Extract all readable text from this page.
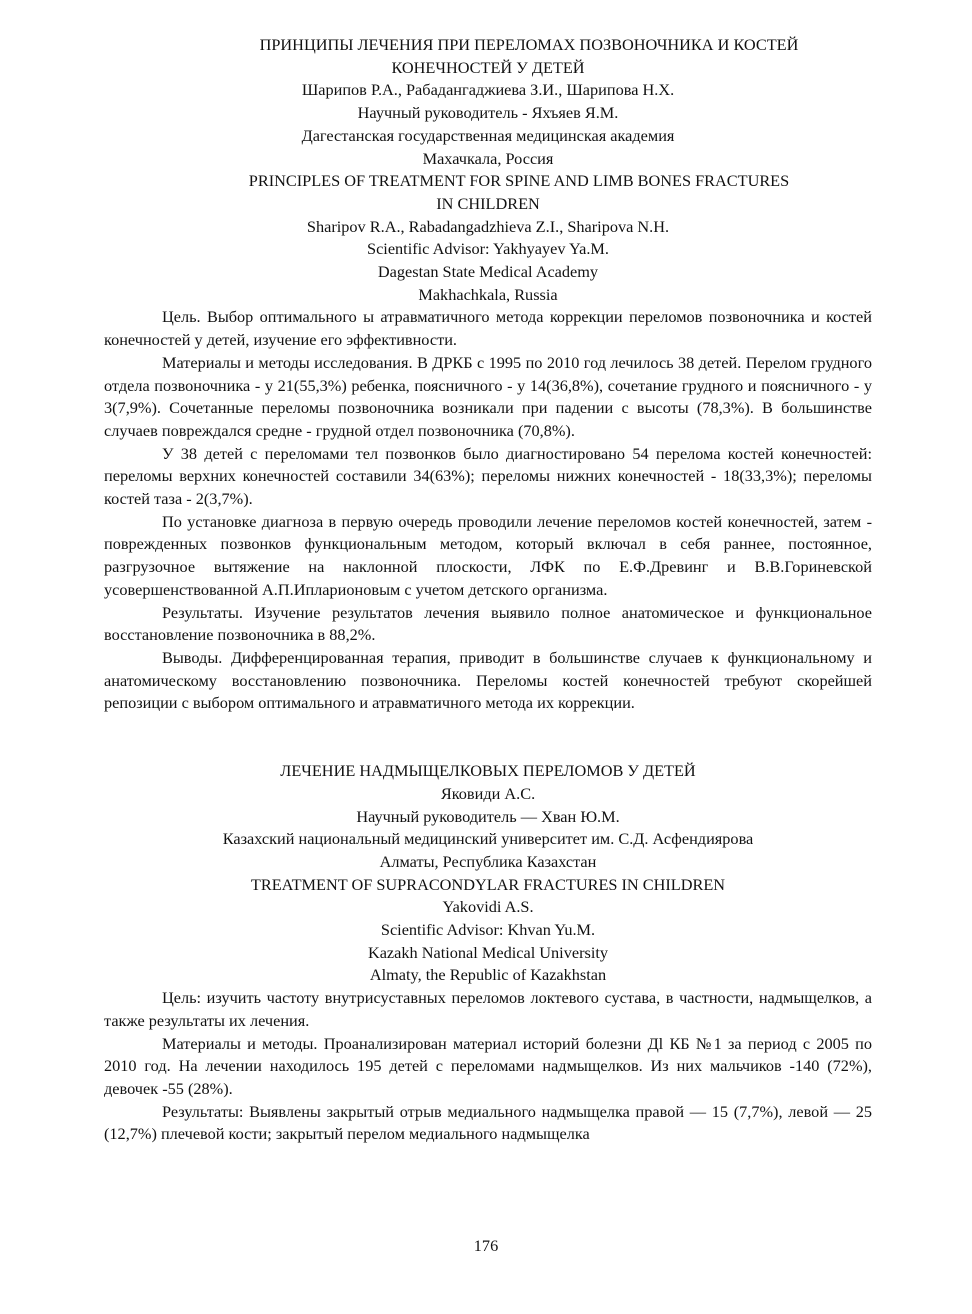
ПРИНЦИПЫ ЛЕЧЕНИЯ ПРИ ПЕРЕЛОМАХ ПОЗВОНОЧНИКА И КОСТЕЙ
КОНЕЧНОСТЕЙ У ДЕТЕЙ
Шарипов Р.А., Рабадангаджиева З.И., Шарипова Н.Х.
Научный руководитель - Яхъяев Я.М.
Дагестанская государственная медицинская академия
Махачкала, Россия
PRINCIPLES OF TREATMENT FOR SPINE AND LIMB BONES FRACTURES
IN CHILDREN
Sharipov R.A., Rabadangadzhieva Z.I., Sharipova N.H.
Scientific Advisor: Yakhyayev Ya.M.
Dagestan State Medical Academy
Makhachkala, Russia

Цель. Выбор оптимального ы атравматичного метода коррекции переломов позвоночника и костей конечностей у детей, изучение его эффективности.

Материалы и методы исследования. В ДРКБ с 1995 по 2010 год лечилось 38 детей. Перелом грудного отдела позвоночника - у 21(55,3%) ребенка, поясничного - у 14(36,8%), сочетание грудного и поясничного - у 3(7,9%). Сочетанные переломы позвоночника возникали при падении с высоты (78,3%). В большинстве случаев повреждался средне - грудной отдел позвоночника (70,8%).

У 38 детей с переломами тел позвонков было диагностировано 54 перелома костей конечностей: переломы верхних конечностей составили 34(63%); переломы нижних конечностей - 18(33,3%); переломы костей таза - 2(3,7%).

По установке диагноза в первую очередь проводили лечение переломов костей конечностей, затем - поврежденных позвонков функциональным методом, который включал в себя раннее, постоянное, разгрузочное вытяжение на наклонной плоскости, ЛФК по Е.Ф.Древинг и В.В.Гориневской усовершенствованной А.П.Ипларионовым с учетом детского организма.

Результаты. Изучение результатов лечения выявило полное анатомическое и функциональное восстановление позвоночника в 88,2%.

Выводы. Дифференцированная терапия, приводит в большинстве случаев к функциональному и анатомическому восстановлению позвоночника. Переломы костей конечностей требуют скорейшей репозиции с выбором оптимального и атравматичного метода их коррекции.

ЛЕЧЕНИЕ НАДМЫЩЕЛКОВЫХ ПЕРЕЛОМОВ У ДЕТЕЙ
Яковиди А.С.
Научный руководитель — Хван Ю.М.
Казахский национальный медицинский университет им. С.Д. Асфендиярова
Алматы, Республика Казахстан
TREATMENT OF SUPRACONDYLAR FRACTURES IN CHILDREN
Yakovidi A.S.
Scientific Advisor: Khvan Yu.M.
Kazakh National Medical University
Almaty, the Republic of Kazakhstan

Цель: изучить частоту внутрисуставных переломов локтевого сустава, в частности, надмыщелков, а также результаты их лечения.

Материалы и методы. Проанализирован материал историй болезни Дl КБ №1 за период с 2005 по 2010 год. На лечении находилось 195 детей с переломами надмыщелков. Из них мальчиков -140 (72%), девочек -55 (28%).

Результаты: Выявлены закрытый отрыв медиального надмыщелка правой — 15 (7,7%), левой — 25 (12,7%) плечевой кости; закрытый перелом медиального надмыщелка

176
